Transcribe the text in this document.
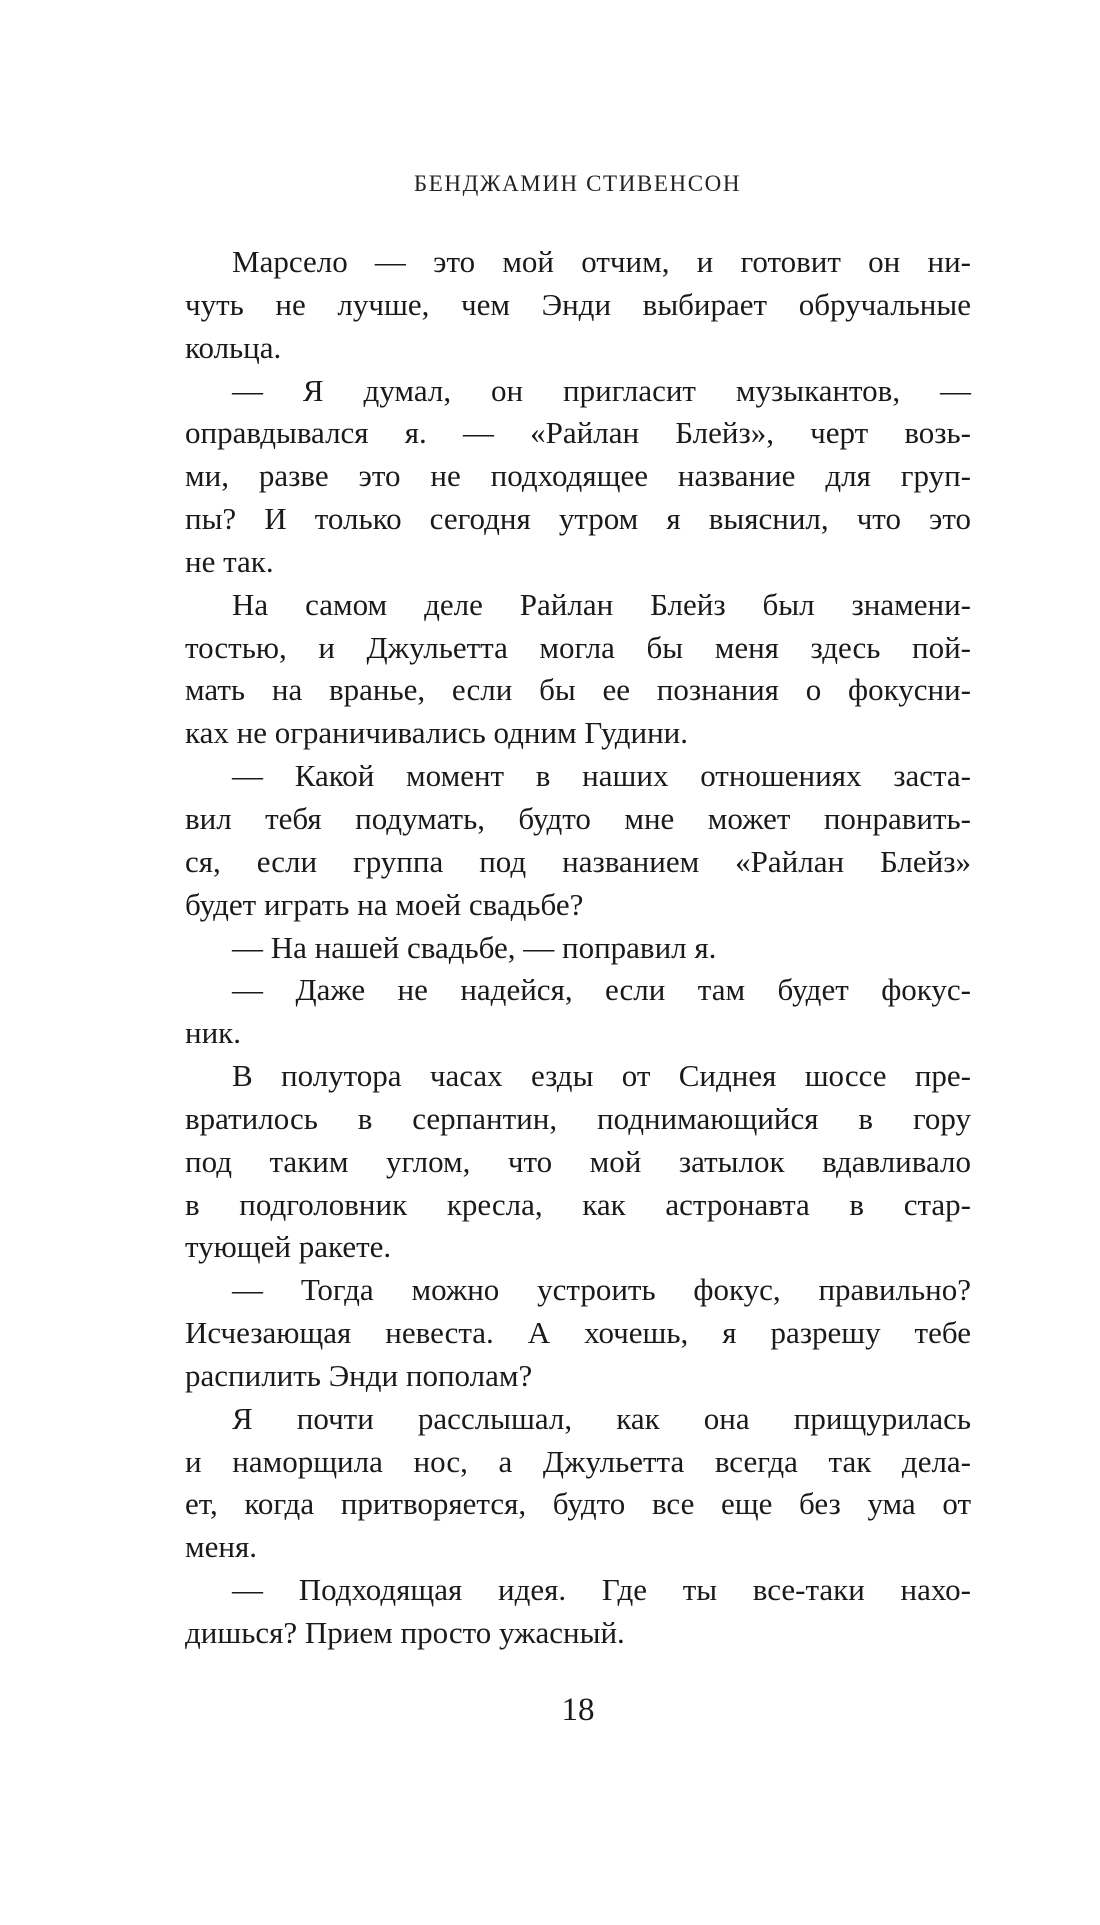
БЕНДЖАМИН СТИВЕНСОН
Марсело — это мой отчим, и готовит он ни-
чуть не лучше, чем Энди выбирает обручальные
кольца.
— Я думал, он пригласит музыкантов, —
оправдывался я. — «Райлан Блейз», черт возь-
ми, разве это не подходящее название для груп-
пы? И только сегодня утром я выяснил, что это
не так.
На самом деле Райлан Блейз был знамени-
тостью, и Джульетта могла бы меня здесь пой-
мать на вранье, если бы ее познания о фокусни-
ках не ограничивались одним Гудини.
— Какой момент в наших отношениях заста-
вил тебя подумать, будто мне может понравить-
ся, если группа под названием «Райлан Блейз»
будет играть на моей свадьбе?
— На нашей свадьбе, — поправил я.
— Даже не надейся, если там будет фокус-
ник.
В полутора часах езды от Сиднея шоссе пре-
вратилось в серпантин, поднимающийся в гору
под таким углом, что мой затылок вдавливало
в подголовник кресла, как астронавта в стар-
тующей ракете.
— Тогда можно устроить фокус, правильно?
Исчезающая невеста. А хочешь, я разрешу тебе
распилить Энди пополам?
Я почти расслышал, как она прищурилась
и наморщила нос, а Джульетта всегда так дела-
ет, когда притворяется, будто все еще без ума от
меня.
— Подходящая идея. Где ты все-таки нахо-
дишься? Прием просто ужасный.
18
